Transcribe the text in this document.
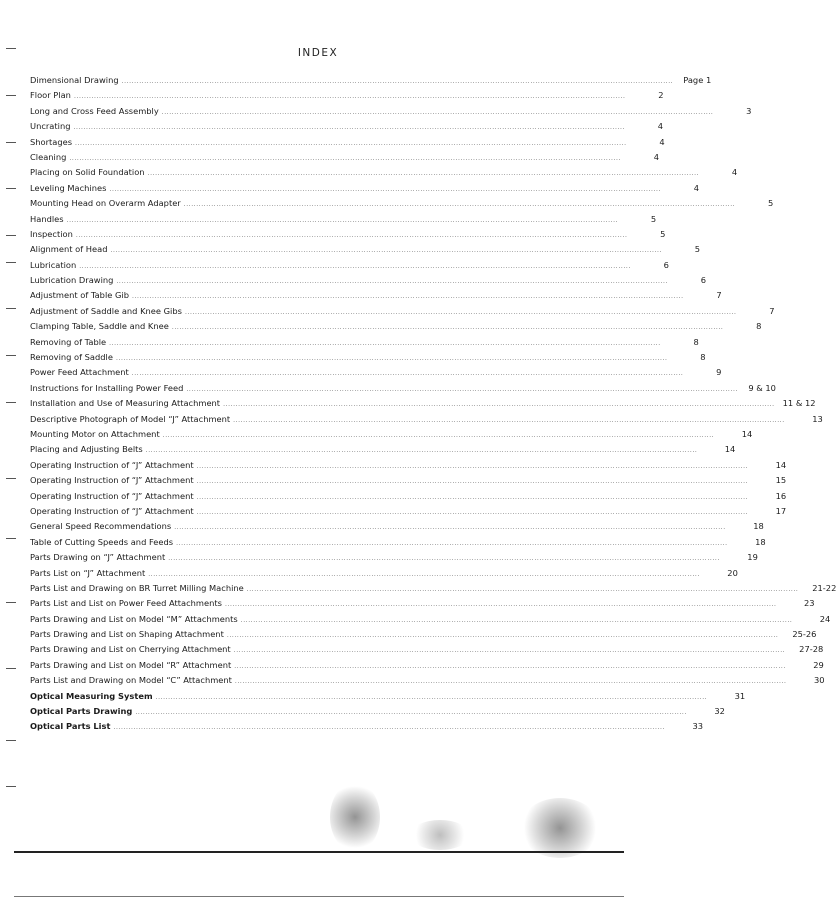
INDEX
Dimensional Drawing ............................................................................................................................................................................................................................ Page 1
Floor Plan ............................................................................................................................................................................................................................	2
Long and Cross Feed Assembly ............................................................................................................................................................................................................................	3
Uncrating ............................................................................................................................................................................................................................	4
Shortages ............................................................................................................................................................................................................................	4
Cleaning ............................................................................................................................................................................................................................	4
Placing on Solid Foundation ............................................................................................................................................................................................................................	4
Leveling Machines ............................................................................................................................................................................................................................	4
Mounting Head on Overarm Adapter ............................................................................................................................................................................................................................	5
Handles ............................................................................................................................................................................................................................	5
Inspection ............................................................................................................................................................................................................................	5
Alignment of Head ............................................................................................................................................................................................................................	5
Lubrication ............................................................................................................................................................................................................................	6
Lubrication Drawing ............................................................................................................................................................................................................................	6
Adjustment of Table Gib ............................................................................................................................................................................................................................	7
Adjustment of Saddle and Knee Gibs ............................................................................................................................................................................................................................	7
Clamping Table, Saddle and Knee ............................................................................................................................................................................................................................	8
Removing of Table ............................................................................................................................................................................................................................	8
Removing of Saddle ............................................................................................................................................................................................................................	8
Power Feed Attachment ............................................................................................................................................................................................................................	9
Instructions for Installing Power Feed ............................................................................................................................................................................................................................ 9 & 10
Installation and Use of Measuring Attachment ............................................................................................................................................................................................................................ 11 & 12
Descriptive Photograph of Model “J” Attachment ............................................................................................................................................................................................................................	13
Mounting Motor on Attachment ............................................................................................................................................................................................................................	14
Placing and Adjusting Belts ............................................................................................................................................................................................................................	14
Operating Instruction of “J” Attachment ............................................................................................................................................................................................................................	14
Operating Instruction of “J” Attachment ............................................................................................................................................................................................................................	15
Operating Instruction of “J” Attachment ............................................................................................................................................................................................................................	16
Operating Instruction of “J” Attachment ............................................................................................................................................................................................................................	17
General Speed Recommendations ............................................................................................................................................................................................................................	18
Table of Cutting Speeds and Feeds ............................................................................................................................................................................................................................	18
Parts Drawing on “J” Attachment ............................................................................................................................................................................................................................	19
Parts List on “J” Attachment ............................................................................................................................................................................................................................	20
Parts List and Drawing on BR Turret Milling Machine ............................................................................................................................................................................................................................	21-22
Parts List and List on Power Feed Attachments ............................................................................................................................................................................................................................	23
Parts Drawing and List on Model “M” Attachments ............................................................................................................................................................................................................................	24
Parts Drawing and List on Shaping Attachment ............................................................................................................................................................................................................................	25-26
Parts Drawing and List on Cherrying Attachment ............................................................................................................................................................................................................................	27-28
Parts Drawing and List on Model “R” Attachment ............................................................................................................................................................................................................................	29
Parts List and Drawing on Model “C” Attachment ............................................................................................................................................................................................................................	30
Optical Measuring System ............................................................................................................................................................................................................................	31
Optical Parts Drawing ............................................................................................................................................................................................................................	32
Optical Parts List ............................................................................................................................................................................................................................	33
